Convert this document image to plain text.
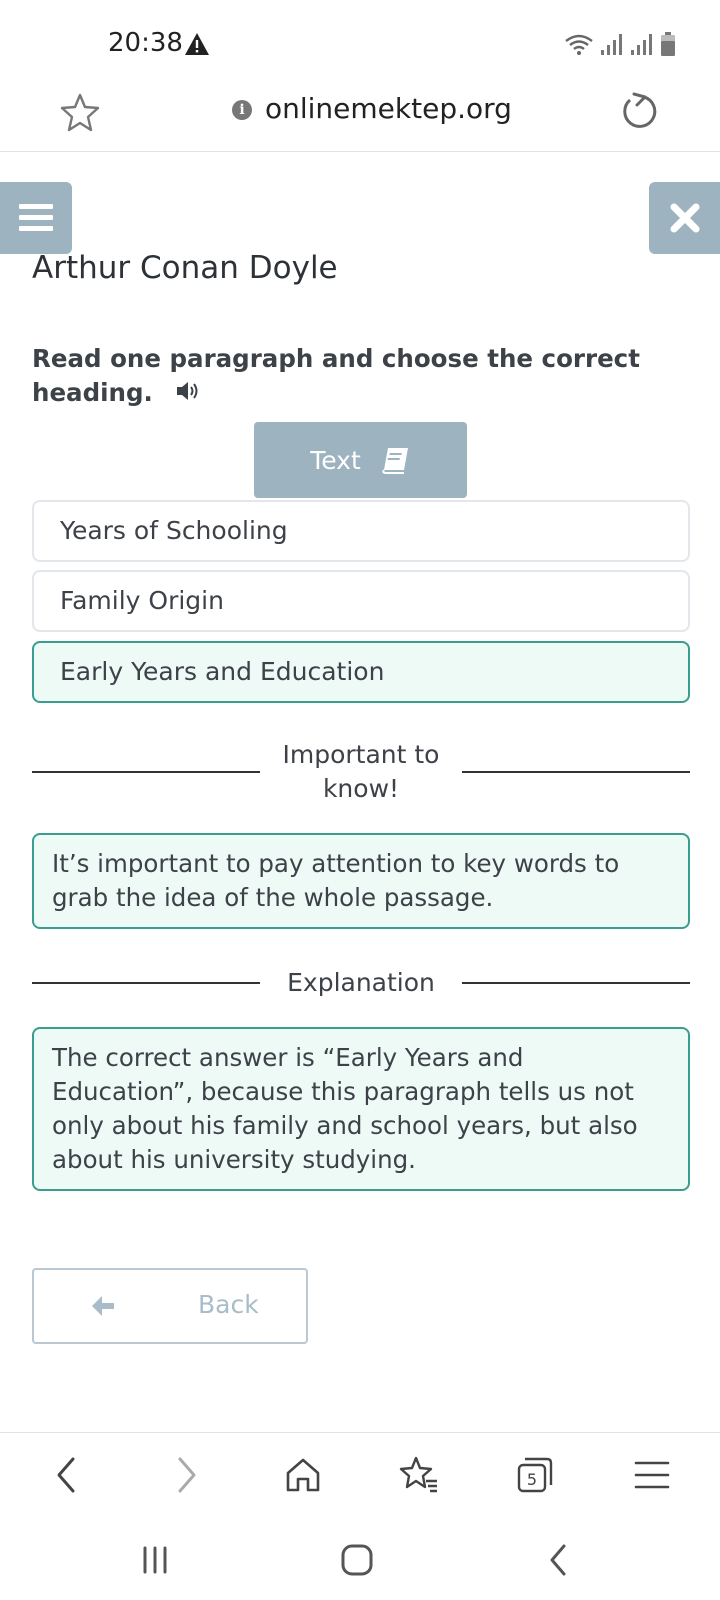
20:38
i onlinemektep.org
Arthur Conan Doyle
Read one paragraph and choose the correct heading.
Text
Years of Schooling
Family Origin
Early Years and Education
Important to know!
It’s important to pay attention to key words to grab the idea of the whole passage.
Explanation
The correct answer is “Early Years and Education”, because this paragraph tells us not only about his family and school years, but also about his university studying.
Back
5
